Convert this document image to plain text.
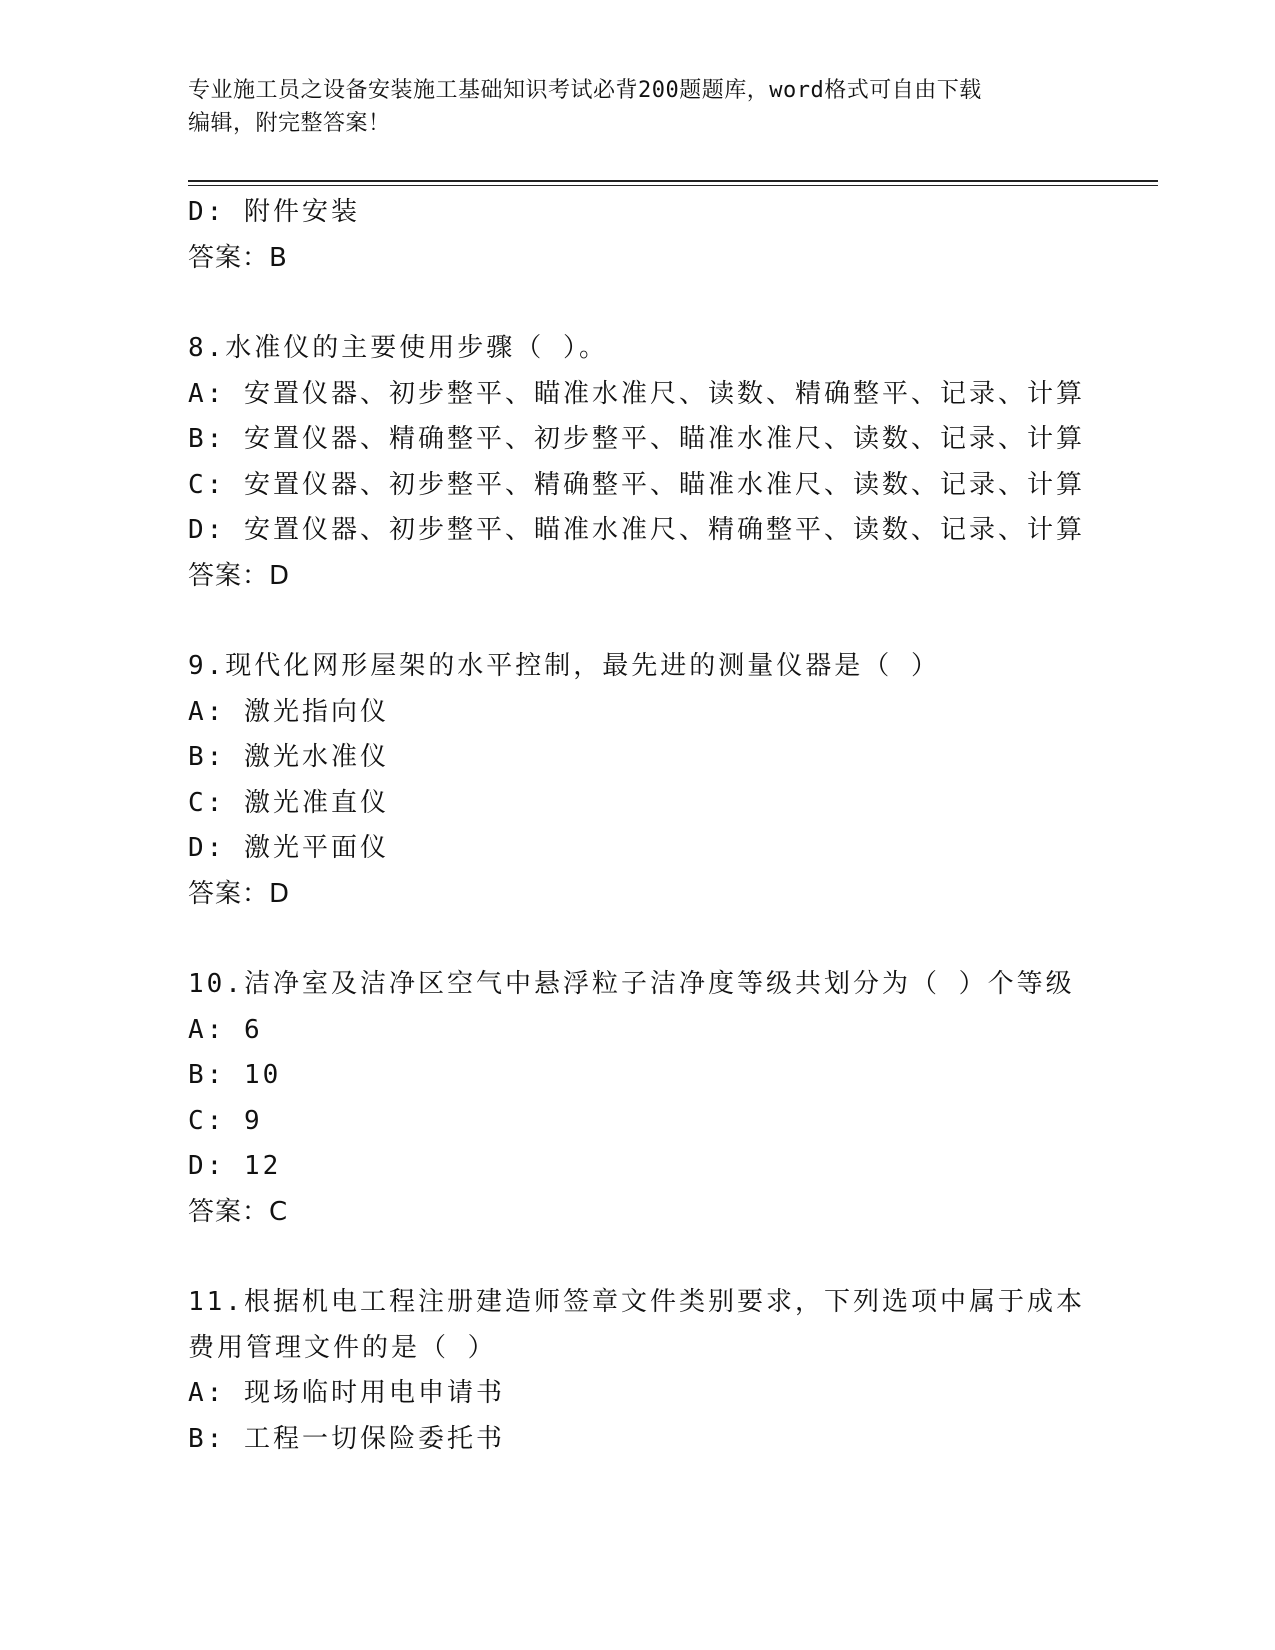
专业施工员之设备安装施工基础知识考试必背200题题库，word格式可自由下载
编辑，附完整答案！
D: 附件安装
答案：B
8.水准仪的主要使用步骤（ ）。
A: 安置仪器、初步整平、瞄准水准尺、读数、精确整平、记录、计算
B: 安置仪器、精确整平、初步整平、瞄准水准尺、读数、记录、计算
C: 安置仪器、初步整平、精确整平、瞄准水准尺、读数、记录、计算
D: 安置仪器、初步整平、瞄准水准尺、精确整平、读数、记录、计算
答案：D
9.现代化网形屋架的水平控制，最先进的测量仪器是（ ）
A: 激光指向仪
B: 激光水准仪
C: 激光准直仪
D: 激光平面仪
答案：D
10.洁净室及洁净区空气中悬浮粒子洁净度等级共划分为（ ）个等级
A: 6
B: 10
C: 9
D: 12
答案：C
11.根据机电工程注册建造师签章文件类别要求，下列选项中属于成本
费用管理文件的是（ ）
A: 现场临时用电申请书
B: 工程一切保险委托书
